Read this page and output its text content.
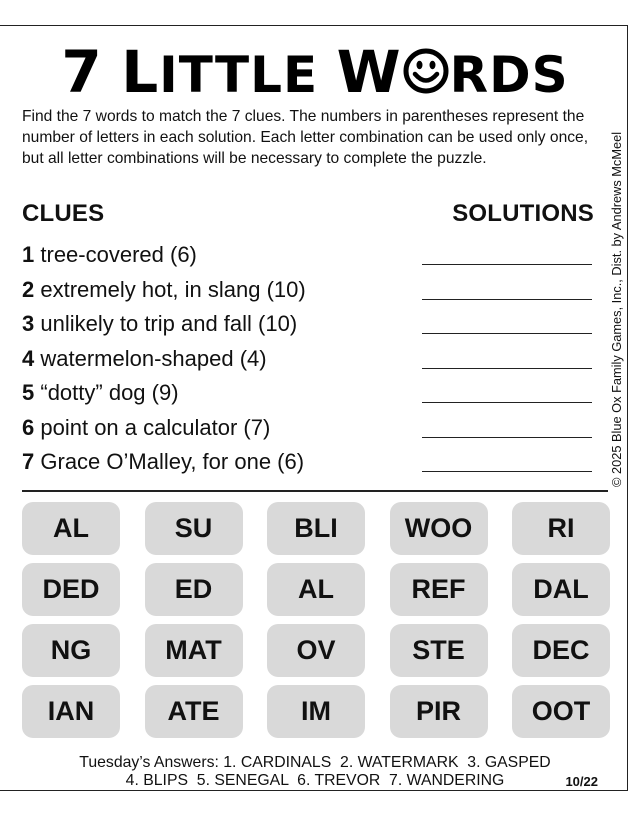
7 LITTLE W RDS
Find the 7 words to match the 7 clues. The numbers in parentheses represent the number of letters in each solution. Each letter combination can be used only once, but all letter combinations will be necessary to complete the puzzle.
CLUES	SOLUTIONS
1 tree-covered (6)
2 extremely hot, in slang (10)
3 unlikely to trip and fall (10)
4 watermelon-shaped (4)
5 “dotty” dog (9)
6 point on a calculator (7)
7 Grace O’Malley, for one (6)	© 2025 Blue Ox Family Games, Inc., Dist. by Andrews McMeel
AL	SU	BLI	WOO	RI
DED	ED	AL	REF	DAL
NG	MAT	OV	STE	DEC
IAN	ATE	IM	PIR	OOT
Tuesday’s Answers: 1. CARDINALS  2. WATERMARK  3. GASPED
4. BLIPS  5. SENEGAL  6. TREVOR  7. WANDERING	10/22
